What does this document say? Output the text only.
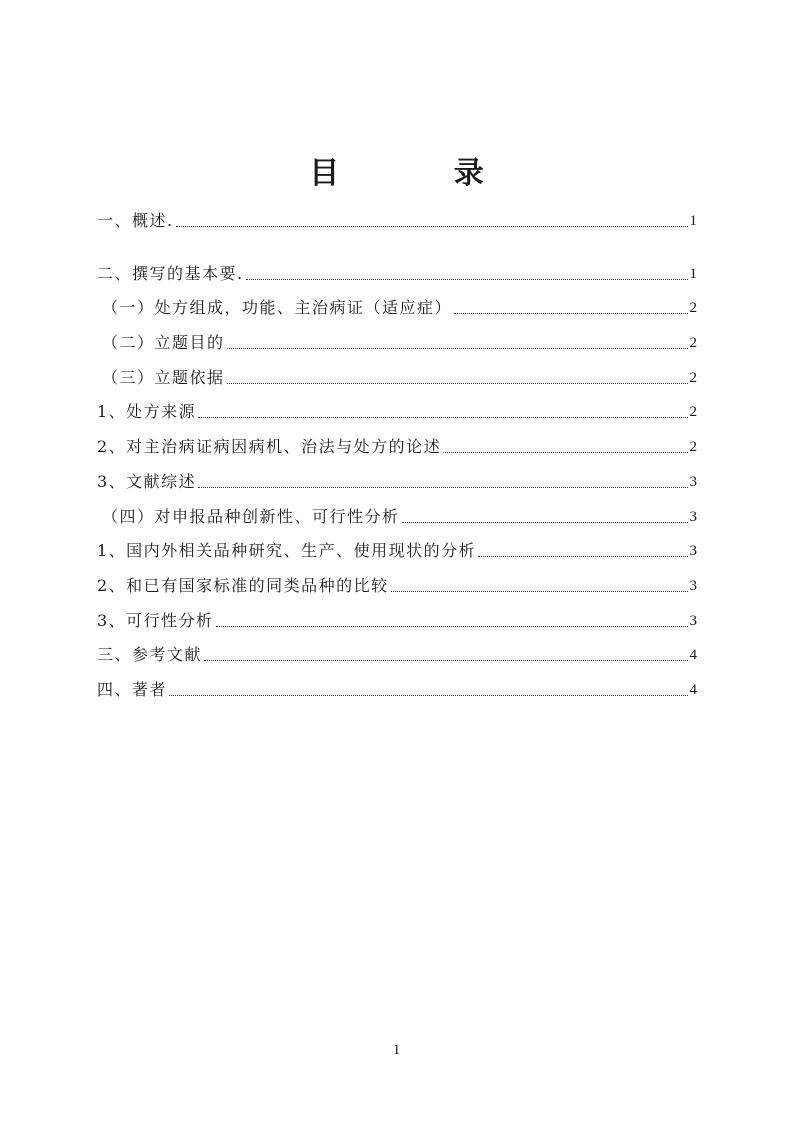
目 录
一、概述.	1
二、撰写的基本要.	1
（一）处方组成，功能、主治病证（适应症）	2
（二）立题目的	2
（三）立题依据	2
1、处方来源	2
2、对主治病证病因病机、治法与处方的论述	2
3、文献综述	3
（四）对申报品种创新性、可行性分析	3
1、国内外相关品种研究、生产、使用现状的分析	3
2、和已有国家标准的同类品种的比较	3
3、可行性分析	3
三、参考文献	4
四、著者	4
1
